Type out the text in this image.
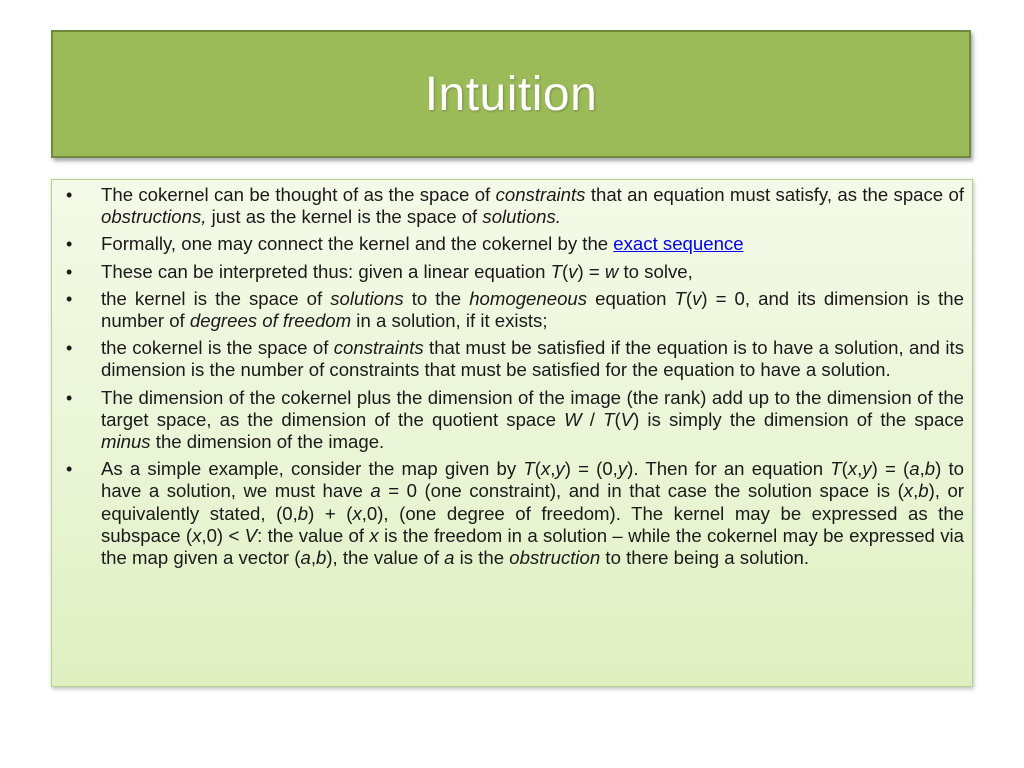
Intuition
• The cokernel can be thought of as the space of constraints that an equation must satisfy, as the space of obstructions, just as the kernel is the space of solutions.
• Formally, one may connect the kernel and the cokernel by the exact sequence
• These can be interpreted thus: given a linear equation T(v) = w to solve,
• the kernel is the space of solutions to the homogeneous equation T(v) = 0, and its dimension is the number of degrees of freedom in a solution, if it exists;
• the cokernel is the space of constraints that must be satisfied if the equation is to have a solution, and its dimension is the number of constraints that must be satisfied for the equation to have a solution.
• The dimension of the cokernel plus the dimension of the image (the rank) add up to the dimension of the target space, as the dimension of the quotient space W / T(V) is simply the dimension of the space minus the dimension of the image.
• As a simple example, consider the map given by T(x,y) = (0,y). Then for an equation T(x,y) = (a,b) to have a solution, we must have a = 0 (one constraint), and in that case the solution space is (x,b), or equivalently stated, (0,b) + (x,0), (one degree of freedom). The kernel may be expressed as the subspace (x,0) < V: the value of x is the freedom in a solution – while the cokernel may be expressed via the map given a vector (a,b), the value of a is the obstruction to there being a solution.
